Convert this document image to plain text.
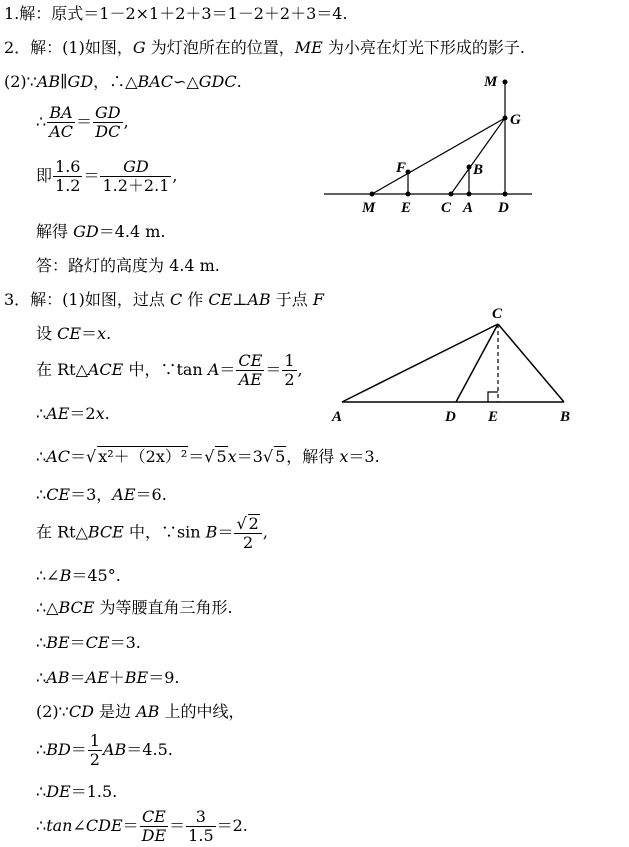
1.解：原式＝1－2×1＋2＋3＝1－2＋2＋3＝4.
2．解：(1)如图，G 为灯泡所在的位置，ME 为小亮在灯光下形成的影子.
(2)∵AB∥GD，∴△BAC∽△GDC.
∴ $\frac{BA}{AC} = \frac{GD}{DC}$ ,
即 $\frac{1.6}{1.2} = \frac{GD}{1.2+2.1}$ ,
解得 GD＝4.4 m.
答：路灯的高度为 4.4 m.
M
G
F	B
M E C A D
3．解：(1)如图，过点 C 作 CE⊥AB 于点 F
设 CE＝x.
在 Rt△ACE 中，∵tan $A= \frac{CE}{AE} = \frac{1}{2}$ ,
C
A	D E	B
∴AE＝2x.
∴AC＝√ x²＋（2x）²＝√ 5x＝3√ 5，解得 x＝3.
∴CE＝3，AE＝6.
在 Rt△BCE 中，∵sin $B= \frac{√ 2}{2}$ ,
∴∠B＝45°.
∴△BCE 为等腰直角三角形.
∴BE＝CE＝3.
∴AB＝AE＋BE＝9.
(2)∵CD 是边 AB 上的中线，
∴BD＝ $\frac{1}{2} AB=4.5$.
∴DE＝1.5.
∴tan∠CDE＝ $\frac{CE}{DE} = \frac{3}{1.5} =2$.
